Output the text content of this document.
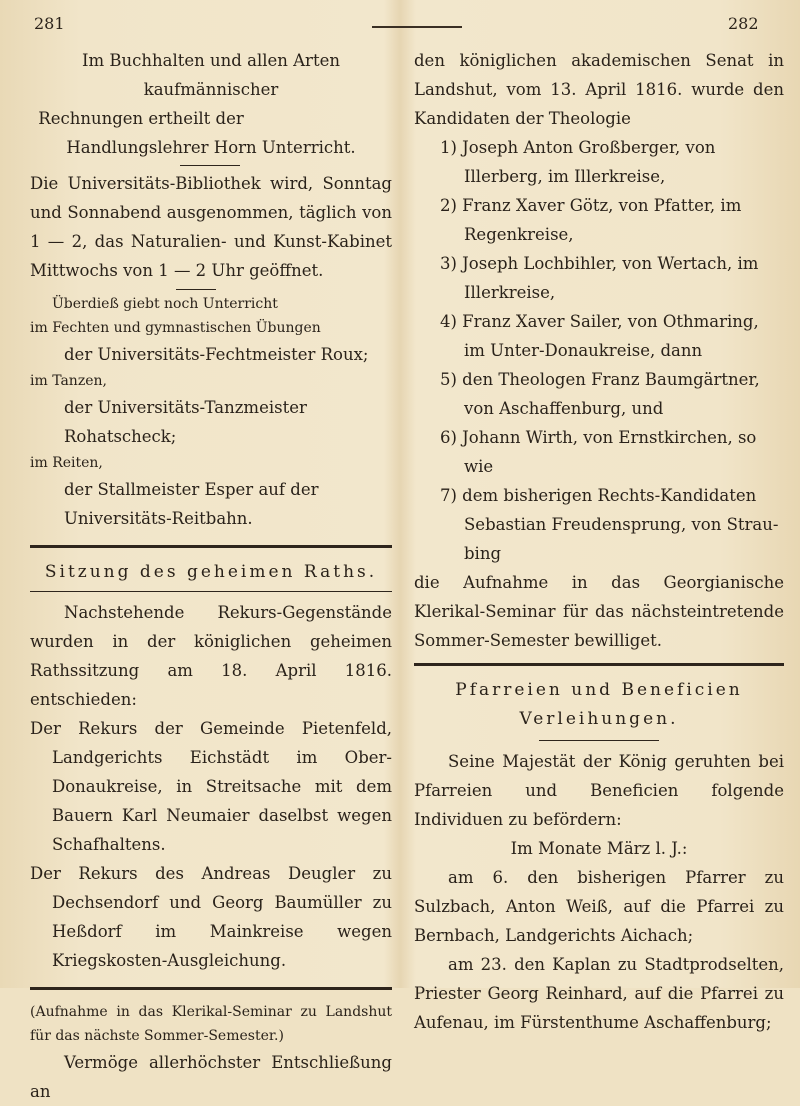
281	282

Im Buchhalten und allen Arten kaufmännischer

Rechnungen ertheilt der

Handlungslehrer Horn Unterricht.

Die Universitäts-Bibliothek wird, Sonntag und Sonnabend ausgenommen, täglich von 1 — 2, das Naturalien- und Kunst-Kabinet Mittwochs von 1 — 2 Uhr geöffnet.

Überdieß giebt noch Unterricht

im Fechten und gymnastischen Übungen

der Universitäts-Fechtmeister Roux;

im Tanzen,

der Universitäts-Tanzmeister Rohatscheck;

im Reiten,

der Stallmeister Esper auf der Universitäts-Reitbahn.

Sitzung des geheimen Raths.

Nachstehende Rekurs-Gegenstände wurden in der königlichen geheimen Rathssitzung am 18. April 1816. entschieden:

Der Rekurs der Gemeinde Pietenfeld, Landgerichts Eichstädt im Ober-Donaukreise, in Streitsache mit dem Bauern Karl Neumaier daselbst wegen Schafhaltens.

Der Rekurs des Andreas Deugler zu Dechsendorf und Georg Baumüller zu Heßdorf im Mainkreise wegen Kriegskosten-Ausgleichung.

(Aufnahme in das Klerikal-Seminar zu Landshut für das nächste Sommer-Semester.)

Vermöge allerhöchster Entschließung an

den königlichen akademischen Senat in Landshut, vom 13. April 1816. wurde den Kandidaten der Theologie

1) Joseph Anton Großberger, von Illerberg, im Illerkreise,

2) Franz Xaver Götz, von Pfatter, im Regenkreise,

3) Joseph Lochbihler, von Wertach, im Illerkreise,

4) Franz Xaver Sailer, von Othmaring, im Unter-Donaukreise, dann

5) den Theologen Franz Baumgärtner, von Aschaffenburg, und

6) Johann Wirth, von Ernstkirchen, so wie

7) dem bisherigen Rechts-Kandidaten Sebastian Freudensprung, von Strau-bing

die Aufnahme in das Georgianische Klerikal-Seminar für das nächsteintretende Sommer-Semester bewilliget.

Pfarreien und Beneficien

Verleihungen.

Seine Majestät der König geruhten bei Pfarreien und Beneficien folgende Individuen zu befördern:

Im Monate März l. J.:

am 6. den bisherigen Pfarrer zu Sulzbach, Anton Weiß, auf die Pfarrei zu Bernbach, Landgerichts Aichach;

am 23. den Kaplan zu Stadtprodselten, Priester Georg Reinhard, auf die Pfarrei zu Aufenau, im Fürstenthume Aschaffenburg;
